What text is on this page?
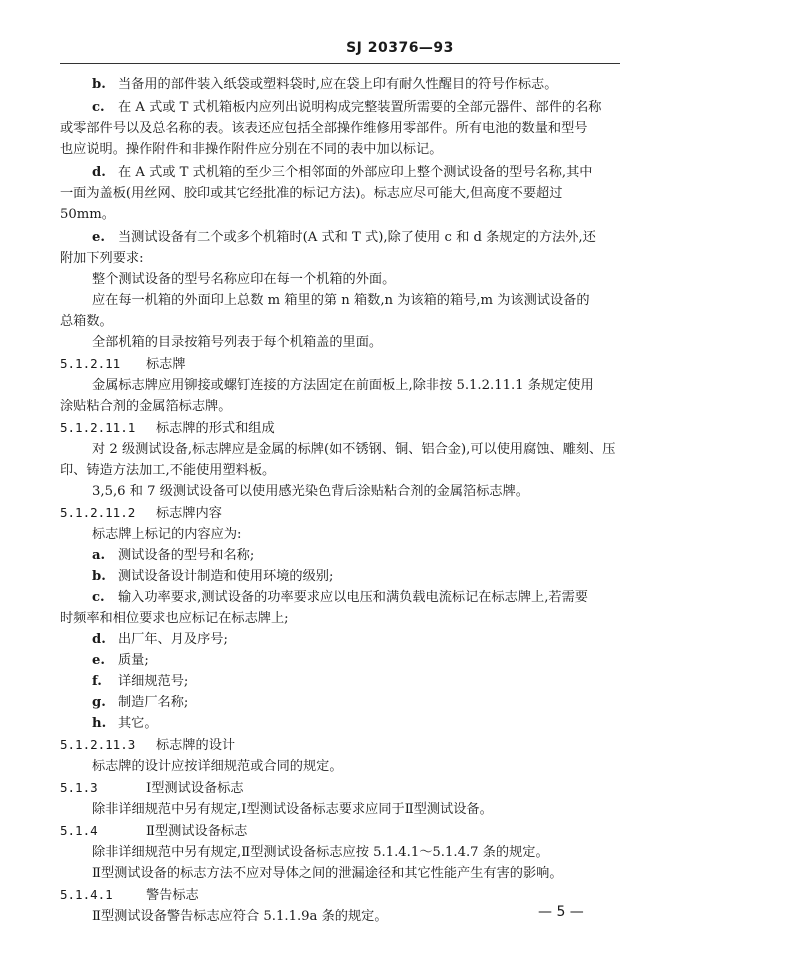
SJ 20376—93

b. 当备用的部件装入纸袋或塑料袋时,应在袋上印有耐久性醒目的符号作标志。

c. 在 A 式或 T 式机箱板内应列出说明构成完整装置所需要的全部元器件、部件的名称

或零部件号以及总名称的表。该表还应包括全部操作维修用零部件。所有电池的数量和型号

也应说明。操作附件和非操作附件应分别在不同的表中加以标记。

d. 在 A 式或 T 式机箱的至少三个相邻面的外部应印上整个测试设备的型号名称,其中

一面为盖板(用丝网、胶印或其它经批准的标记方法)。标志应尽可能大,但高度不要超过

50mm。

e. 当测试设备有二个或多个机箱时(A 式和 T 式),除了使用 c 和 d 条规定的方法外,还

附加下列要求:

整个测试设备的型号名称应印在每一个机箱的外面。

应在每一机箱的外面印上总数 m 箱里的第 n 箱数,n 为该箱的箱号,m 为该测试设备的

总箱数。

全部机箱的目录按箱号列表于每个机箱盖的里面。

5.1.2.11 标志牌

金属标志牌应用铆接或螺钉连接的方法固定在前面板上,除非按 5.1.2.11.1 条规定使用

涂贴粘合剂的金属箔标志牌。

5.1.2.11.1 标志牌的形式和组成

对 2 级测试设备,标志牌应是金属的标牌(如不锈钢、铜、铝合金),可以使用腐蚀、雕刻、压

印、铸造方法加工,不能使用塑料板。

3,5,6 和 7 级测试设备可以使用感光染色背后涂贴粘合剂的金属箔标志牌。

5.1.2.11.2 标志牌内容

标志牌上标记的内容应为:

a. 测试设备的型号和名称;

b. 测试设备设计制造和使用环境的级别;

c. 输入功率要求,测试设备的功率要求应以电压和满负载电流标记在标志牌上,若需要

时频率和相位要求也应标记在标志牌上;

d. 出厂年、月及序号;

e. 质量;

f. 详细规范号;

g. 制造厂名称;

h. 其它。

5.1.2.11.3 标志牌的设计

标志牌的设计应按详细规范或合同的规定。

5.1.3	Ⅰ型测试设备标志

除非详细规范中另有规定,Ⅰ型测试设备标志要求应同于Ⅱ型测试设备。

5.1.4	Ⅱ型测试设备标志

除非详细规范中另有规定,Ⅱ型测试设备标志应按 5.1.4.1～5.1.4.7 条的规定。

Ⅱ型测试设备的标志方法不应对导体之间的泄漏途径和其它性能产生有害的影响。

5.1.4.1	警告标志

Ⅱ型测试设备警告标志应符合 5.1.1.9a 条的规定。	— 5 —
